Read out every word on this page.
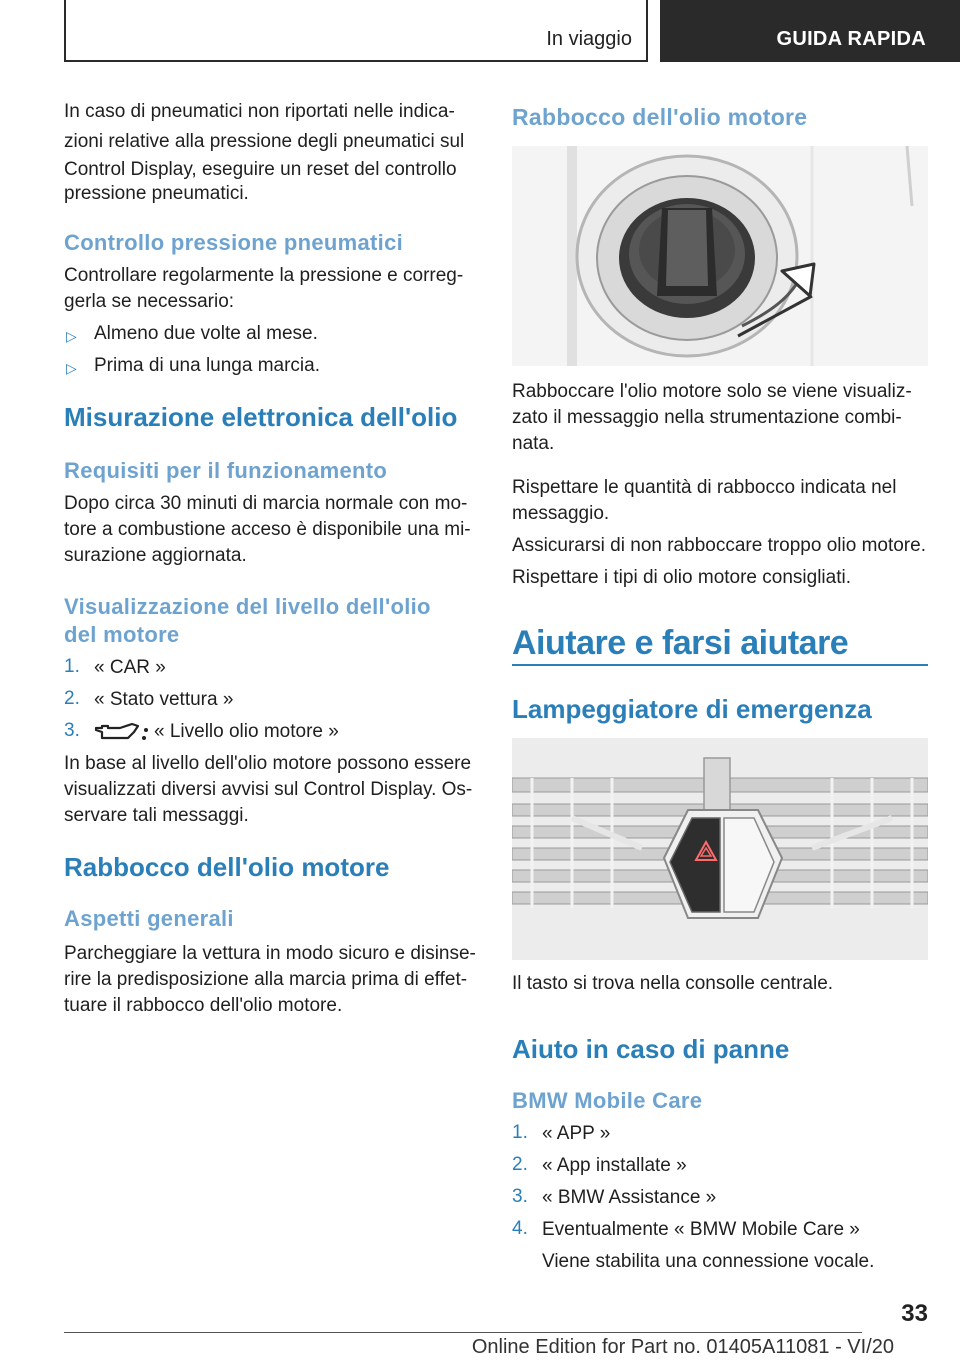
In viaggio	GUIDA RAPIDA

In caso di pneumatici non riportati nelle indica-

zioni relative alla pressione degli pneumatici sul

Control Display, eseguire un reset del controllo

pressione pneumatici.

Controllo pressione pneumatici

Controllare regolarmente la pressione e correg-

gerla se necessario:

▷ Almeno due volte al mese.

▷ Prima di una lunga marcia.

Misurazione elettronica dell'olio
Requisiti per il funzionamento

Dopo circa 30 minuti di marcia normale con mo-

tore a combustione acceso è disponibile una mi-

surazione aggiornata.

Visualizzazione del livello dell'olio
del motore
1. « CAR »

2. « Stato vettura »

3.	« Livello olio motore »

In base al livello dell'olio motore possono essere

visualizzati diversi avvisi sul Control Display. Os-

servare tali messaggi.

Rabbocco dell'olio motore
Aspetti generali

Parcheggiare la vettura in modo sicuro e disinse-

rire la predisposizione alla marcia prima di effet-

tuare il rabbocco dell'olio motore.

Rabbocco dell'olio motore

Rabboccare l'olio motore solo se viene visualiz-

zato il messaggio nella strumentazione combi-

nata.

Rispettare le quantità di rabbocco indicata nel

messaggio.

Assicurarsi di non rabboccare troppo olio motore.

Rispettare i tipi di olio motore consigliati.

Aiutare e farsi aiutare
Lampeggiatore di emergenza

Il tasto si trova nella consolle centrale.

Aiuto in caso di panne
BMW Mobile Care
1. « APP »

2. « App installate »

3. « BMW Assistance »

4. Eventualmente « BMW Mobile Care »

Viene stabilita una connessione vocale.

33
Online Edition for Part no. 01405A11081 - VI/20
